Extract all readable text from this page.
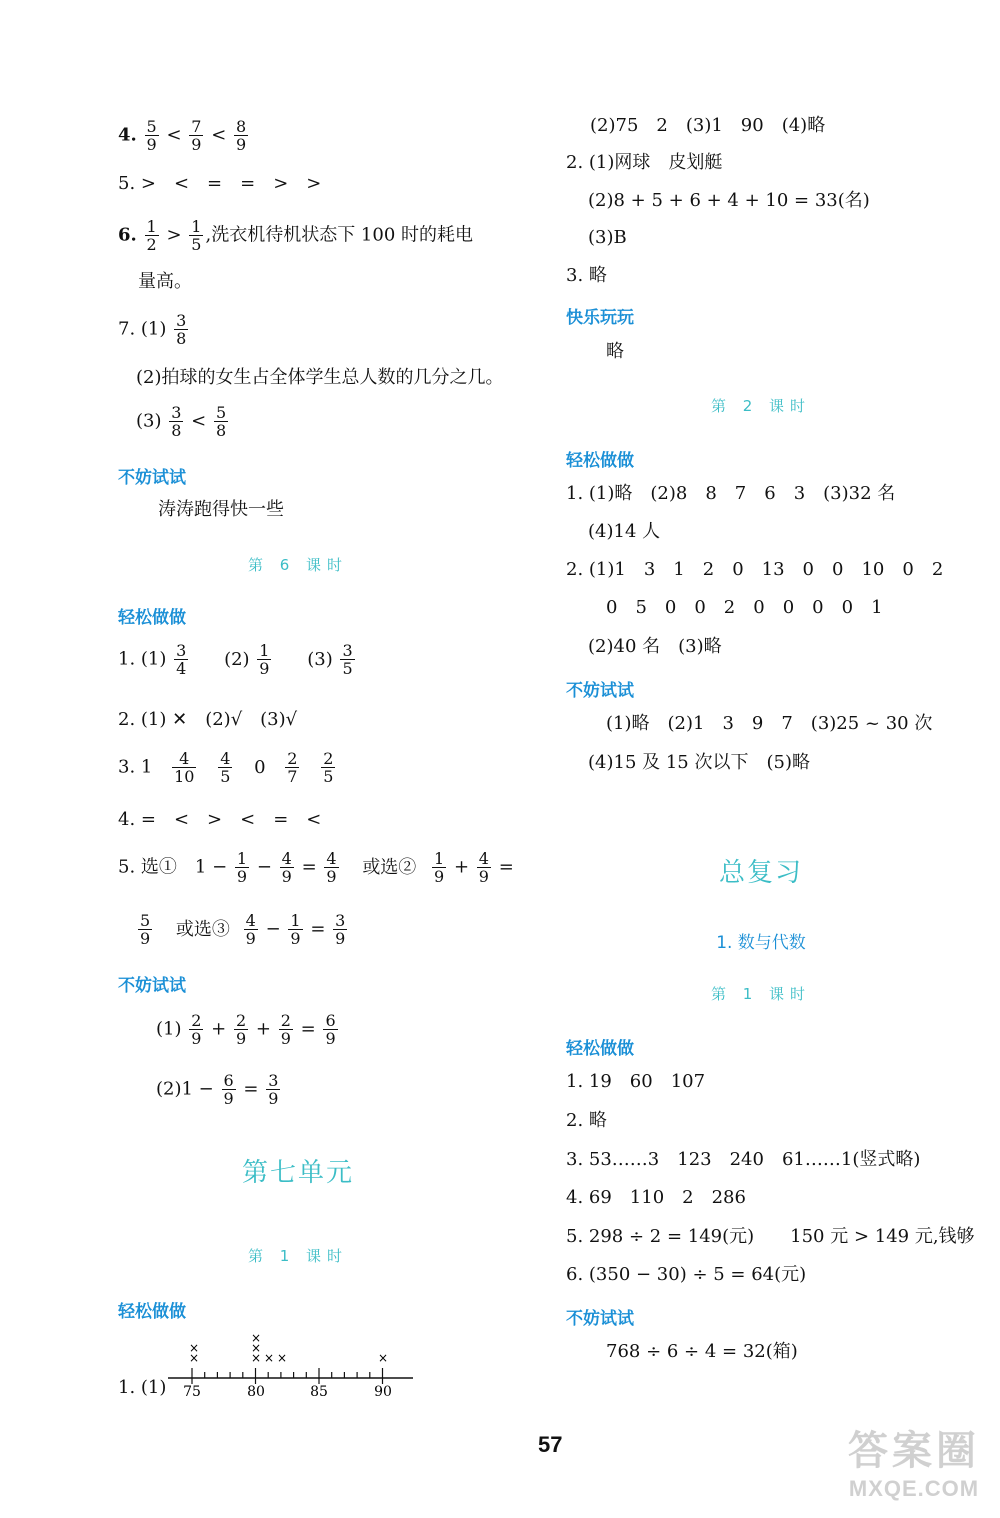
4. $\frac{5}{9} < \frac{7}{9} < \frac{8}{9}$
5. >　<　=　=　>　>
6. $\frac{1}{2} > \frac{1}{5}$ ,洗衣机待机状态下 100 时的耗电
量高。
7. $(1) \frac{3}{8}$
(2)拍球的女生占全体学生总人数的几分之几。
$(3) \frac{3}{8} < \frac{5}{8}$
不妨试试
涛涛跑得快一些
第 6 课时
轻松做做
1. $(1) \frac{3}{4} (2) \frac{1}{9} (3) \frac{3}{5}$
2. (1) ✕　(2)√　(3)√
3. $1 \frac{4}{10}$
$\frac{4}{5} 0 \frac{2}{7}$
$\frac{2}{5}$
4. =　<　>　<　=　<
5. 选①　$1 - \frac{1}{9} - \frac{4}{9} = \frac{4}{9}$ 或选② $\frac{1}{9} + \frac{4}{9}$ =
$\frac{5}{9}$ 或选③ $\frac{4}{9} - \frac{1}{9} = \frac{3}{9}$
不妨试试
$(1) \frac{2}{9} + \frac{2}{9} + \frac{2}{9} = \frac{6}{9}$
$(2)1 - \frac{6}{9} = \frac{3}{9}$
第七单元
第 1 课时
轻松做做
1. (1) 75	80	85	90
×
×
×
×
× × ×	×
(2)75　2　(3)1　90　(4)略
2. (1)网球　皮划艇
(2)8 + 5 + 6 + 4 + 10 = 33(名)
(3)B
3. 略
快乐玩玩
略
第 2 课时
轻松做做
1. (1)略　(2)8　8　7　6　3　(3)32 名
(4)14 人
2. (1)1　3　1　2　0　13　0　0　10　0　2
0　5　0　0　2　0　0　0　0　1
(2)40 名　(3)略
不妨试试
(1)略　(2)1　3　9　7　(3)25 ~ 30 次
(4)15 及 15 次以下　(5)略
总复习
1. 数与代数
第 1 课时
轻松做做
1. 19　60　107
2. 略
3. 53……3　123　240　61……1(竖式略)
4. 69　110　2　286
5. 298 ÷ 2 = 149(元)　　150 元 > 149 元,钱够
6. (350 − 30) ÷ 5 = 64(元)
不妨试试
768 ÷ 6 ÷ 4 = 32(箱)
57	答案圈
MXQE.COM
